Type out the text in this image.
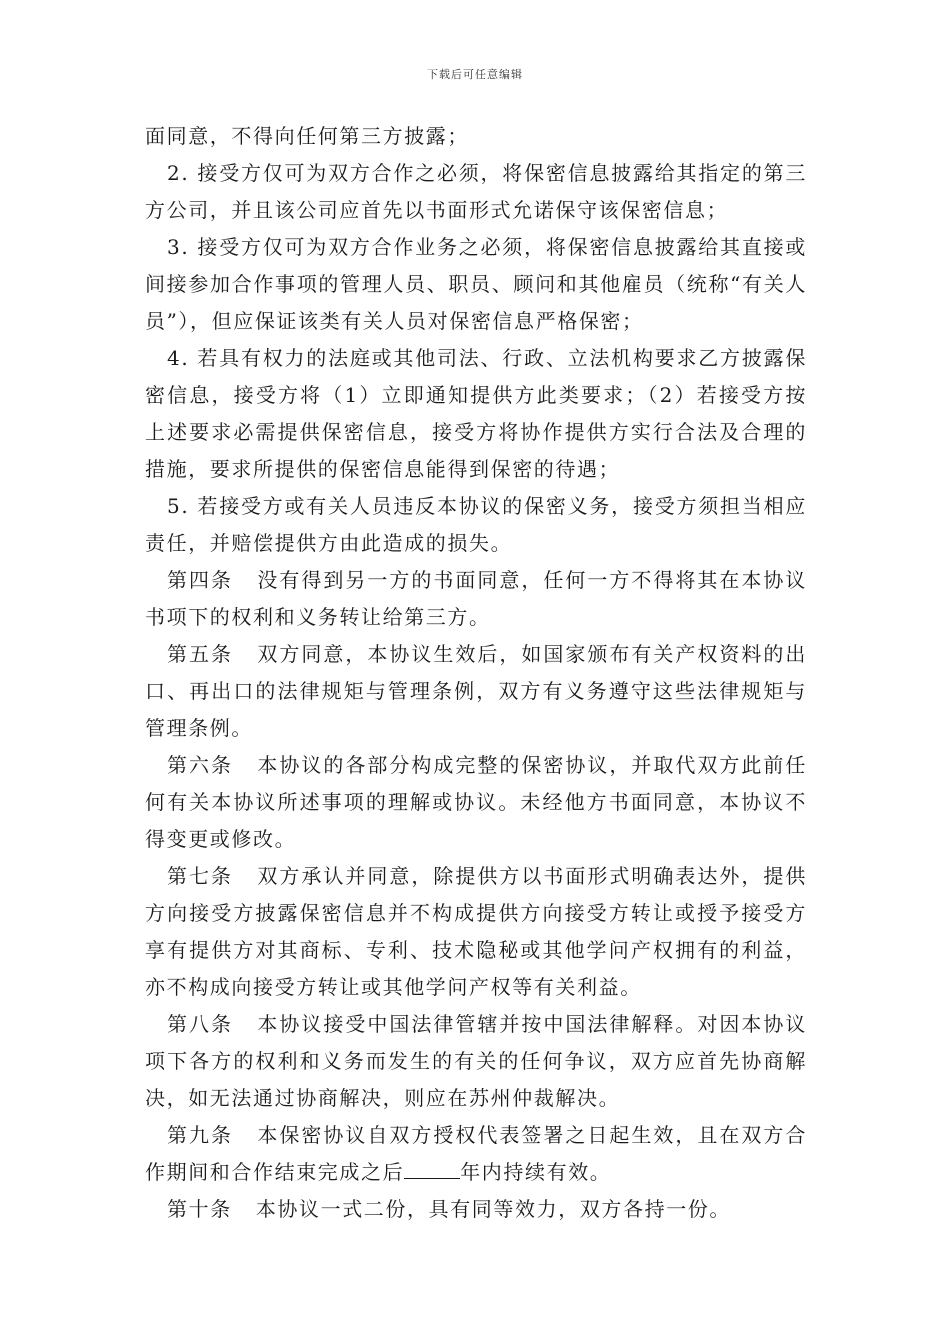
下载后可任意编辑

面同意，不得向任何第三方披露；

2. 接受方仅可为双方合作之必须，将保密信息披露给其指定的第三方公司，并且该公司应首先以书面形式允诺保守该保密信息；

3. 接受方仅可为双方合作业务之必须，将保密信息披露给其直接或间接参加合作事项的管理人员、职员、顾问和其他雇员（统称“有关人员”），但应保证该类有关人员对保密信息严格保密；

4. 若具有权力的法庭或其他司法、行政、立法机构要求乙方披露保密信息，接受方将（1）立即通知提供方此类要求；（2）若接受方按上述要求必需提供保密信息，接受方将协作提供方实行合法及合理的措施，要求所提供的保密信息能得到保密的待遇；

5. 若接受方或有关人员违反本协议的保密义务，接受方须担当相应责任，并赔偿提供方由此造成的损失。

第四条 没有得到另一方的书面同意，任何一方不得将其在本协议书项下的权利和义务转让给第三方。

第五条 双方同意，本协议生效后，如国家颁布有关产权资料的出口、再出口的法律规矩与管理条例，双方有义务遵守这些法律规矩与管理条例。

第六条 本协议的各部分构成完整的保密协议，并取代双方此前任何有关本协议所述事项的理解或协议。未经他方书面同意，本协议不得变更或修改。

第七条 双方承认并同意，除提供方以书面形式明确表达外，提供方向接受方披露保密信息并不构成提供方向接受方转让或授予接受方享有提供方对其商标、专利、技术隐秘或其他学问产权拥有的利益，亦不构成向接受方转让或其他学问产权等有关利益。

第八条 本协议接受中国法律管辖并按中国法律解释。对因本协议项下各方的权利和义务而发生的有关的任何争议，双方应首先协商解决，如无法通过协商解决，则应在苏州仲裁解决。

第九条 本保密协议自双方授权代表签署之日起生效，且在双方合作期间和合作结束完成之后	年内持续有效。

第十条 本协议一式二份，具有同等效力，双方各持一份。
